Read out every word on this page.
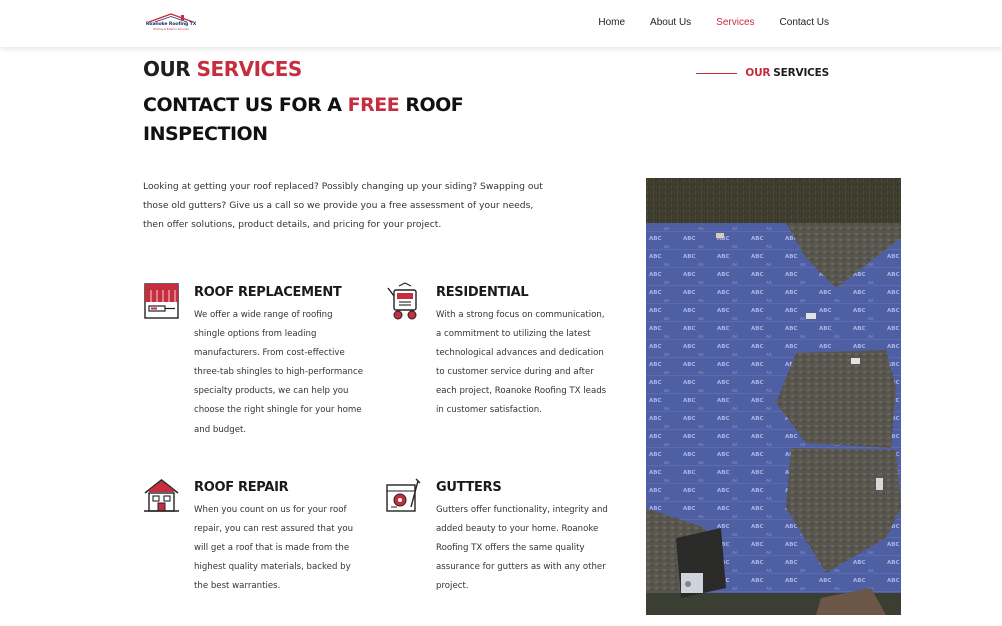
Roanoke Roofing TX
Roofing & Exterior Services
Home	About Us	Services	Contact Us
OUR SERVICES
CONTACT US FOR A FREE ROOF INSPECTION
OUR SERVICES

Looking at getting your roof replaced? Possibly changing up your siding? Swapping out those old gutters? Give us a call so we provide you a free assessment of your needs, then offer solutions, product details, and pricing for your project.

ROOF REPLACEMENT

We offer a wide range of roofing shingle options from leading manufacturers. From cost-effective three-tab shingles to high-performance specialty products, we can help you choose the right shingle for your home and budget.

RESIDENTIAL

With a strong focus on communication, a commitment to utilizing the latest technological advances and dedication to customer service during and after each project, Roanoke Roofing TX leads in customer satisfaction.

ROOF REPAIR

When you count on us for your roof repair, you can rest assured that you will get a roof that is made from the highest quality materials, backed by the best warranties.

GUTTERS

Gutters offer functionality, integrity and added beauty to your home. Roanoke Roofing TX offers the same quality assurance for gutters as with any other project.
